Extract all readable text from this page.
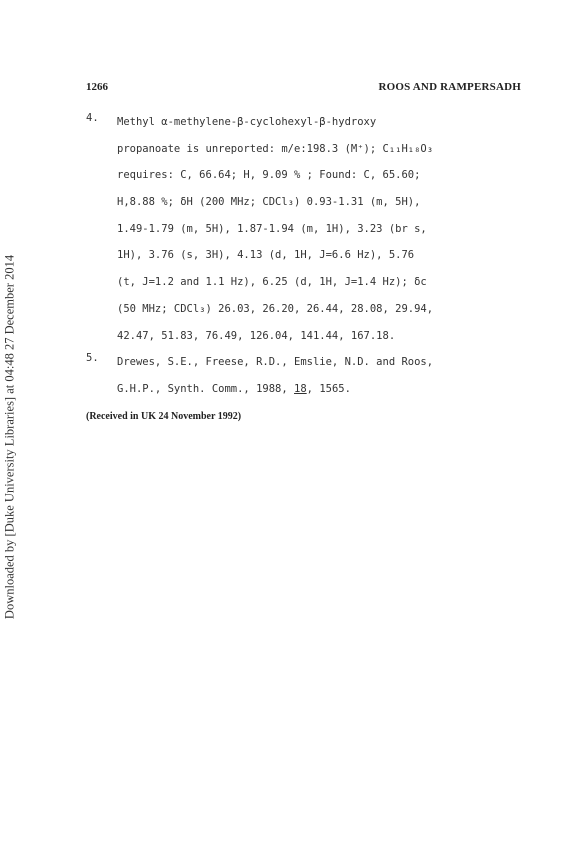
Downloaded by [Duke University Libraries] at 04:48 27 December 2014
1266	ROOS AND RAMPERSADH
4. Methyl α-methylene-β-cyclohexyl-β-hydroxy
propanoate is unreported: m/e:198.3 (M⁺); C₁₁H₁₈O₃
requires: C, 66.64; H, 9.09 % ; Found: C, 65.60;
H,8.88 %; δH (200 MHz; CDCl₃) 0.93-1.31 (m, 5H),
1.49-1.79 (m, 5H), 1.87-1.94 (m, 1H), 3.23 (br s,
1H), 3.76 (s, 3H), 4.13 (d, 1H, J=6.6 Hz), 5.76
(t, J=1.2 and 1.1 Hz), 6.25 (d, 1H, J=1.4 Hz); δc
(50 MHz; CDCl₃) 26.03, 26.20, 26.44, 28.08, 29.94,
42.47, 51.83, 76.49, 126.04, 141.44, 167.18.
5. Drewes, S.E., Freese, R.D., Emslie, N.D. and Roos,
G.H.P., Synth. Comm., 1988, 18, 1565.
(Received in UK 24 November 1992)
